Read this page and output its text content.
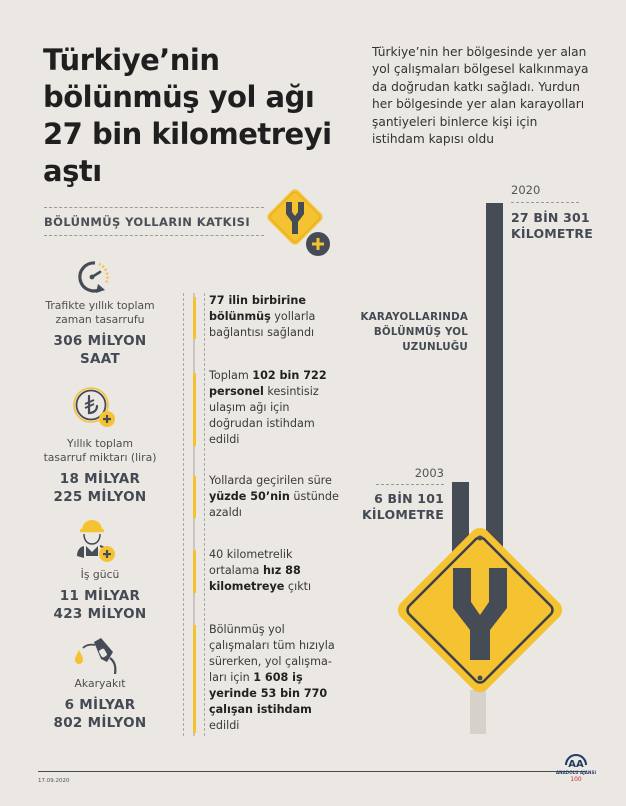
Türkiye’nin
bölünmüş yol ağı
27 bin kilometreyi
aştı
Türkiye’nin her bölgesinde yer alan
yol çalışmaları bölgesel kalkınmaya
da doğrudan katkı sağladı. Yurdun
her bölgesinde yer alan karayolları
şantiyeleri binlerce kişi için
istihdam kapısı oldu
BÖLÜNMÜŞ YOLLARIN KATKISI
Trafikte yıllık toplam
zaman tasarrufu
306 MİLYON
SAAT
Yıllık toplam
tasarruf miktarı (lira)
18 MİLYAR
225 MİLYON
İş gücü
11 MİLYAR
423 MİLYON
Akaryakıt
6 MİLYAR
802 MİLYON
77 ilin birbirine
bölünmüş yollarla
bağlantısı sağlandı
Toplam 102 bin 722
personel kesintisiz
ulaşım ağı için
doğrudan istihdam
edildi
Yollarda geçirilen süre
yüzde 50’nin üstünde
azaldı
40 kilometrelik
ortalama hız 88
kilometreye çıktı
Bölünmüş yol
çalışmaları tüm hızıyla
sürerken, yol çalışma-
ları için 1 608 iş
yerinde 53 bin 770
çalışan istihdam
edildi
2020
27 BİN 301
KİLOMETRE
KARAYOLLARINDA
BÖLÜNMÜŞ YOL
UZUNLUĞU
2003
6 BİN 101
KİLOMETRE
17.09.2020
AA
ANADOLU AJANSI
100
